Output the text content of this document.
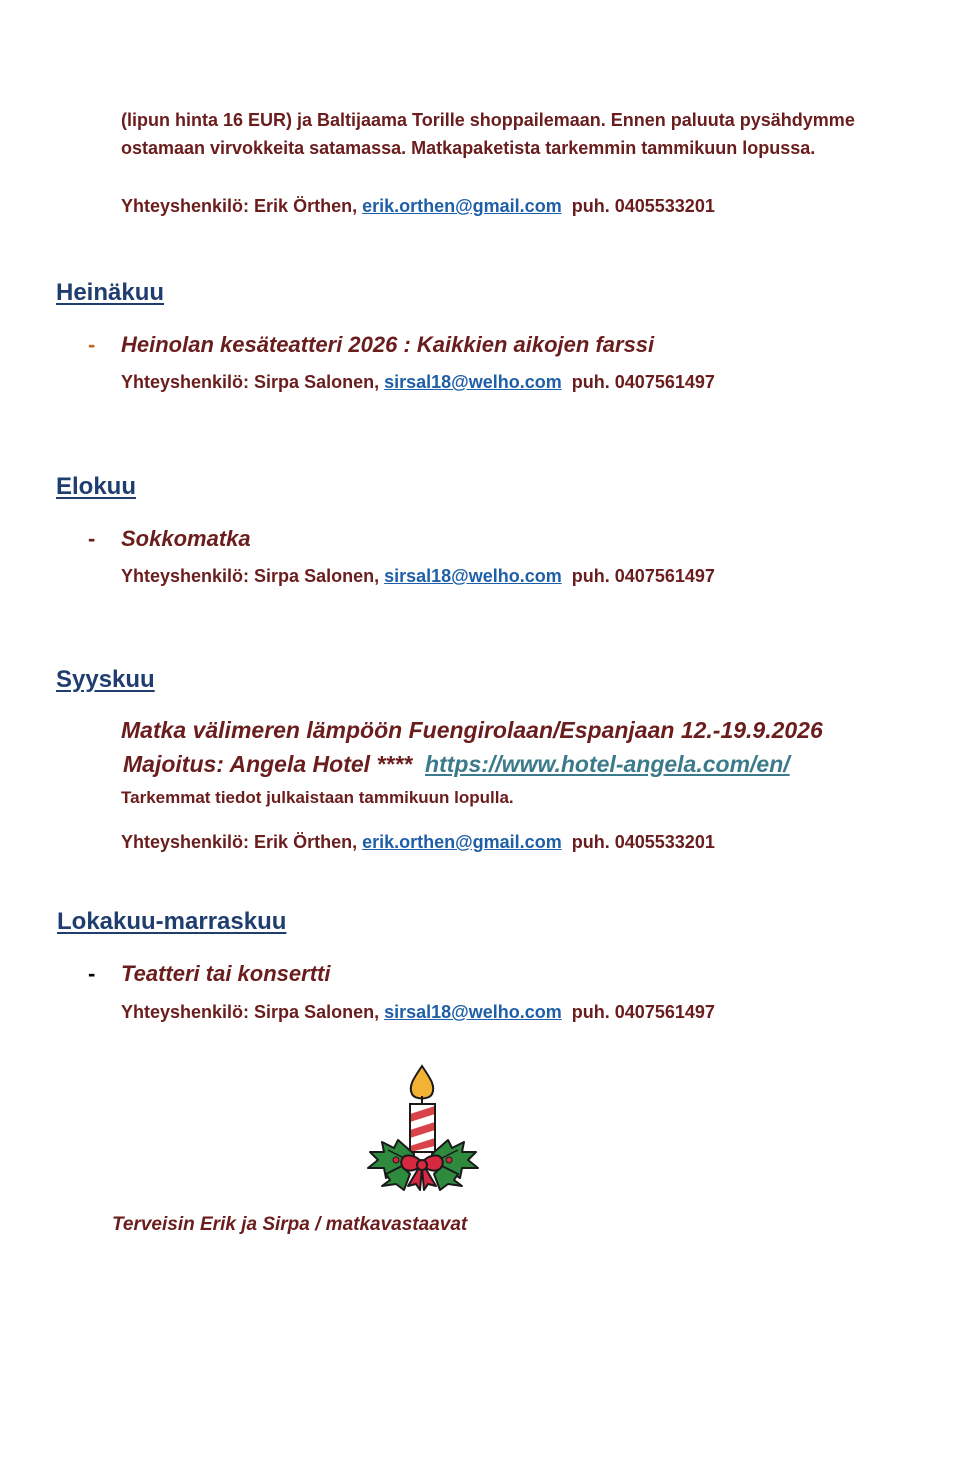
(lipun hinta 16 EUR) ja Baltijaama Torille shoppailemaan. Ennen paluuta pysähdymme
ostamaan virvokkeita satamassa. Matkapaketista tarkemmin tammikuun lopussa.

Yhteyshenkilö: Erik Örthen, erik.orthen@gmail.com puh. 0405533201
Heinäkuu
- Heinolan kesäteatteri 2026 : Kaikkien aikojen farssi
Yhteyshenkilö: Sirpa Salonen, sirsal18@welho.com puh. 0407561497
Elokuu
- Sokkomatka
Yhteyshenkilö: Sirpa Salonen, sirsal18@welho.com puh. 0407561497
Syyskuu
Matka välimeren lämpöön Fuengirolaan/Espanjaan 12.-19.9.2026
Majoitus: Angela Hotel **** https://www.hotel-angela.com/en/
Tarkemmat tiedot julkaistaan tammikuun lopulla.
Yhteyshenkilö: Erik Örthen, erik.orthen@gmail.com puh. 0405533201
Lokakuu-marraskuu
- Teatteri tai konsertti
Yhteyshenkilö: Sirpa Salonen, sirsal18@welho.com puh. 0407561497
Terveisin Erik ja Sirpa / matkavastaavat
